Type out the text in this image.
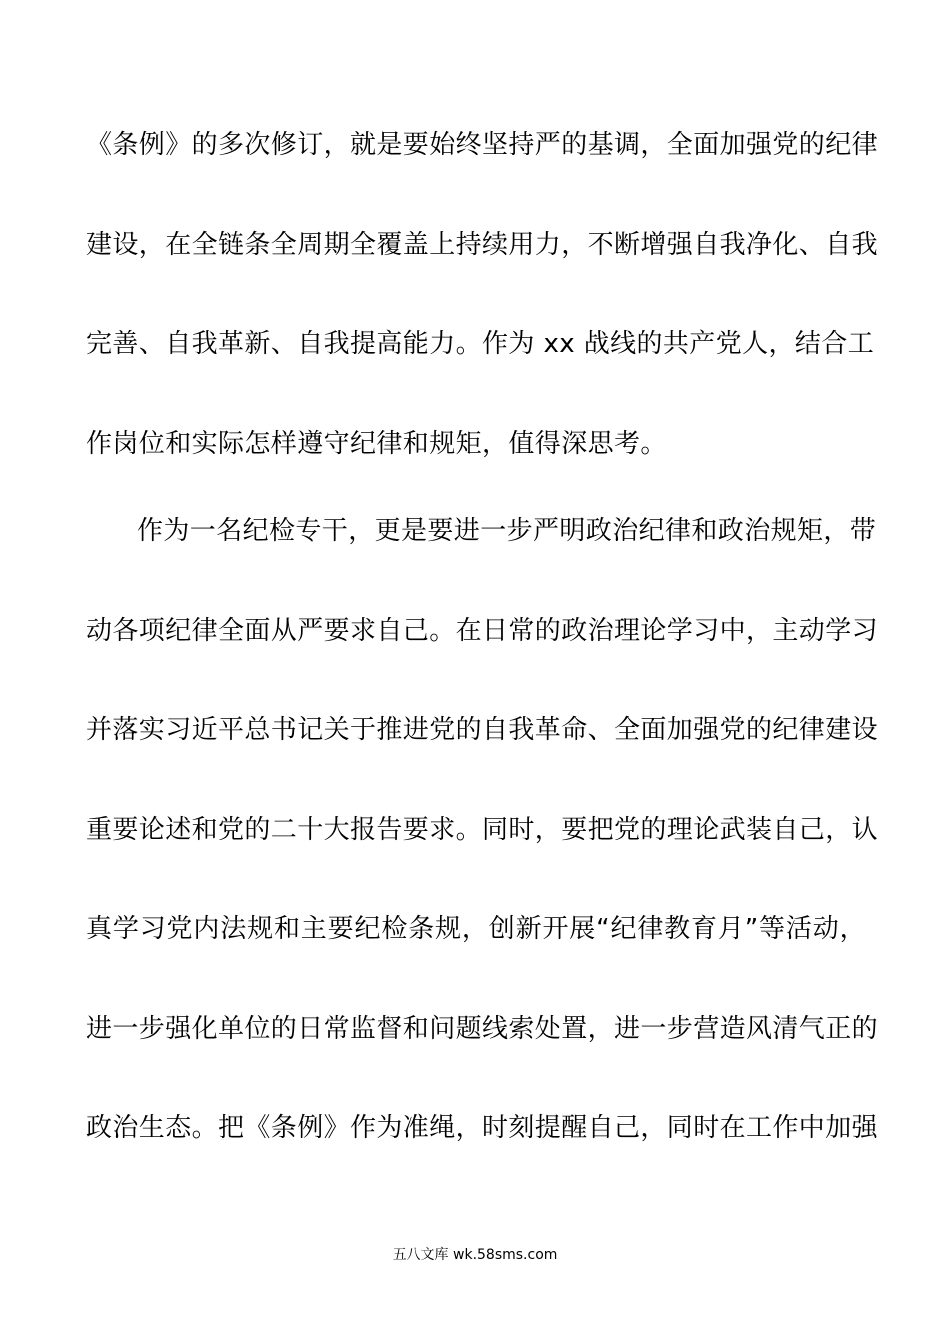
《条例》的多次修订，就是要始终坚持严的基调，全面加强党的纪律
建设，在全链条全周期全覆盖上持续用力，不断增强自我净化、自我
完善、自我革新、自我提高能力。作为 xx 战线的共产党人，结合工
作岗位和实际怎样遵守纪律和规矩，值得深思考。
作为一名纪检专干，更是要进一步严明政治纪律和政治规矩，带
动各项纪律全面从严要求自己。在日常的政治理论学习中，主动学习
并落实习近平总书记关于推进党的自我革命、全面加强党的纪律建设
重要论述和党的二十大报告要求。同时，要把党的理论武装自己，认
真学习党内法规和主要纪检条规，创新开展“纪律教育月”等活动，
进一步强化单位的日常监督和问题线索处置，进一步营造风清气正的
政治生态。把《条例》作为准绳，时刻提醒自己，同时在工作中加强
五八文库 wk.58sms.com
